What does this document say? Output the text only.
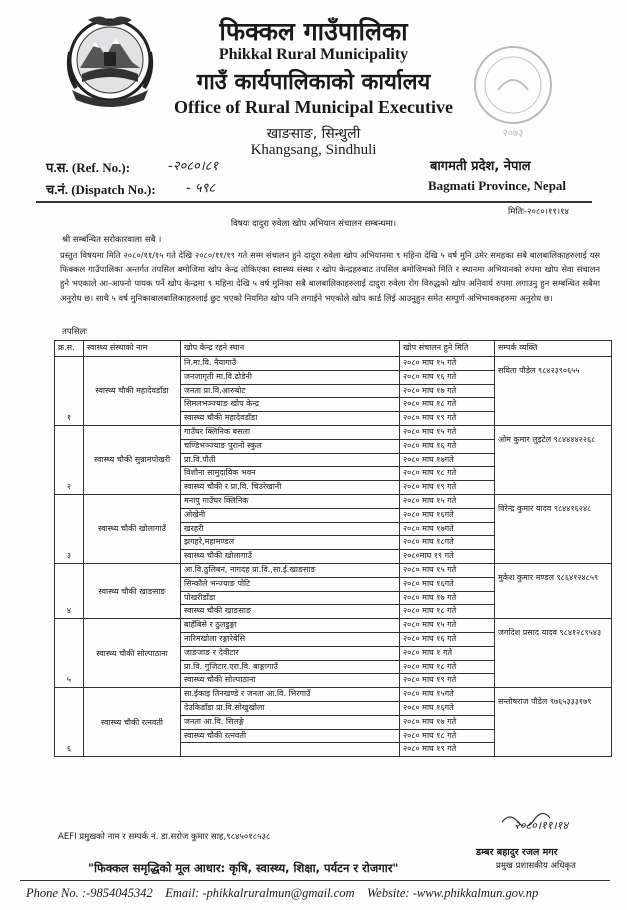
२०७३
फिक्कल गाउँपालिका
Phikkal Rural Municipality
गाउँ कार्यपालिकाको कार्यालय
Office of Rural Municipal Executive
खाङसाङ, सिन्धुली
Khangsang, Sindhuli
प.स. (Ref. No.):	-२०८०।८१
च.नं. (Dispatch No.): - ५९८
बागमती प्रदेश, नेपाल
Bagmati Province, Nepal
मितिः-२०८०।११।१४
विषयः दादुरा रुवेला खोप अभियान संचालन सम्बन्धमा।
श्री सम्बन्धित सरोकारवाला सबै ।
प्रस्तुत विषयमा मिति २०८०/११/१५ गते देखि २०८०/११/१९ गते सम्म संचालन हुने दादुरा रुवेला खोप अभियानमा ९ महिना देखि ५ वर्ष मुनि उमेर समहका सबै बालबालिकाहरुलाई यस फिक्कल गाउँपालिका अन्तर्गत तपसिल बमोजिमा खोप केन्द्र तोकिएका स्वास्थ्य संस्था र खोप केन्द्रहरुबाट तपसिल बमोजिमको मिति र स्थानमा अभियानको रुपमा खोप सेवा संचालन हुने भएकाले आ-आफ्नो पायक पर्ने खोप केन्द्रमा ९ महिना देखि ५ वर्ष मुनिका सबै बालबालिकाहरुलाई दादुरा रुवेला रोग विरुद्धको खोप अनिवार्य रुपमा लगाउनु हुन सम्बन्धित सबैमा अनुरोध छ। साथै ५ वर्ष मुनिकाबालबालिकाहरुलाई छुट भएको नियमित खोप पनि लगाईने भएकोले खोप कार्ड लिई आउनुहुन समेत सम्पुर्ण अभिभावकहरुमा अनुरोध छ।
तपसिलः
क्र.स.	स्वास्थ्य संस्थाको नाम	खोप केन्द्र रहने स्थान	खोप संचालन हुने मिति	सम्पर्क व्यक्ति
१	स्वास्थ्य चौकी महादेवडाँडा	नि.मा.वि. नैयागाउँ	२०८० माघ १५ गते	सविता पौडेल ९८४२३९०६५५
		जनजागृती मा.वि.ढोडेनी	२०८० माघ १६ गते	
		जनता प्रा.वि.आरुबोट	२०८० माघ १७ गते	
		सिमलभञ्ज्याङ खोप केन्द्र	२०८० माघ १८ गते	
		स्वास्थ्य चौकी महादेवडाँडा	२०८० माघ १९ गते	
२	स्वास्थ्य चौकी सुन्नामपोखरी	गाउँघर क्लिनिक बसला	२०८० माघ १५ गते	ओम कुमार लुइटेल ९८४४४४२२६८
		चण्डिभञ्ज्याङ पुरानो स्कुल	२०८० माघ १६ गते	
		प्रा.वि.पौती	२०८० माघ १७गते	
		विशौना सामुदायिक भवन	२०८० माघ १८ गते	
		स्वास्थ्य चौकी र प्रा.वि. चिउरेखानी	२०८० माघ १९ गते	
३	स्वास्थ्य चौकी खोलागाउँ	मनापु गाउँघर क्लिनिक	२०८० माघ १५ गते	विरेन्द्र कुमार यादव ९८४४१६२४८
		ओखेनी	२०८० माघ १६गते	
		खरहरी	२०८० माघ १७गते	
		झगहरे,महामण्डल	२०८० माघ १८गते	
		स्वास्थ्य चौकी खोलागाउँ	२०८०माघ १९ गते	
४	स्वास्थ्य चौकी खाङसाङ	आ.वि.ठुलिबन, नागदह प्रा.वि.,सा.ई.खाङसाङ	२०८० माघ १५ गते	मुकेश कुमार मण्डल ९८६४१२४८५९
		सिन्कौले भन्ज्याङ पोटि	२०८० माघ १६गते	
		पोखरीडाँडा	२०८० माघ १७ गते	
		स्वास्थ्य चौकी खाङसाङ	२०८० माघ १८ गते	
५	स्वास्थ्य चौकी सोल्पाठाना	बाहँबिसे र ठुलडुङ्गा	२०८० माघ १५ गते	जगदिश प्रसाद यादव ९८४१२८९५४३
		नारिमखोला रङ्गारेबेसि	२०८० माघ १६ गते	
		जाङजाङ र देवीटार	२०८० माघ १ गते	
		प्रा.वि. गुजिटार.एरा.वि. बाङ्गागाउँ	२०८० माघ १८ गते	
		स्वास्थ्य चौकी सोल्पाठाना	२०८० माघ १९ गते	
६	स्वास्थ्य चौकी रत्नवती	सा.ईकाइ तिनखण्डे र जनता आ.वि. भिरगाउँ	२०८० माघ १५गते	सन्तोषराज पौडेल ९७६५३३३१७९
		देउकिडाँडा प्रा.वि.सोखुखोला	२०८० माघ १६गते	
		जनता आ.वि. सिलङ्गे	२०८० माघ १७ गते	
		स्वास्थ्य चौकी रत्नवती	२०८० माघ १८ गते	
			२०८० माघ १९ गते	
AEFI प्रमुखको नाम र सम्पर्क नं. डा.सरोज कुमार साह,९८४५०१८५३८
२०८०।११।१४
डम्बर बहादुर रजल मगर
प्रमुख प्रशासकीय अधिकृत
"फिक्कल समृद्धिको मूल आधार: कृषि, स्वास्थ्य, शिक्षा, पर्यटन र रोजगार"
Phone No. :-9854045342 Email: -phikkalruralmun@gmail.com Website: -www.phikkalmun.gov.np
